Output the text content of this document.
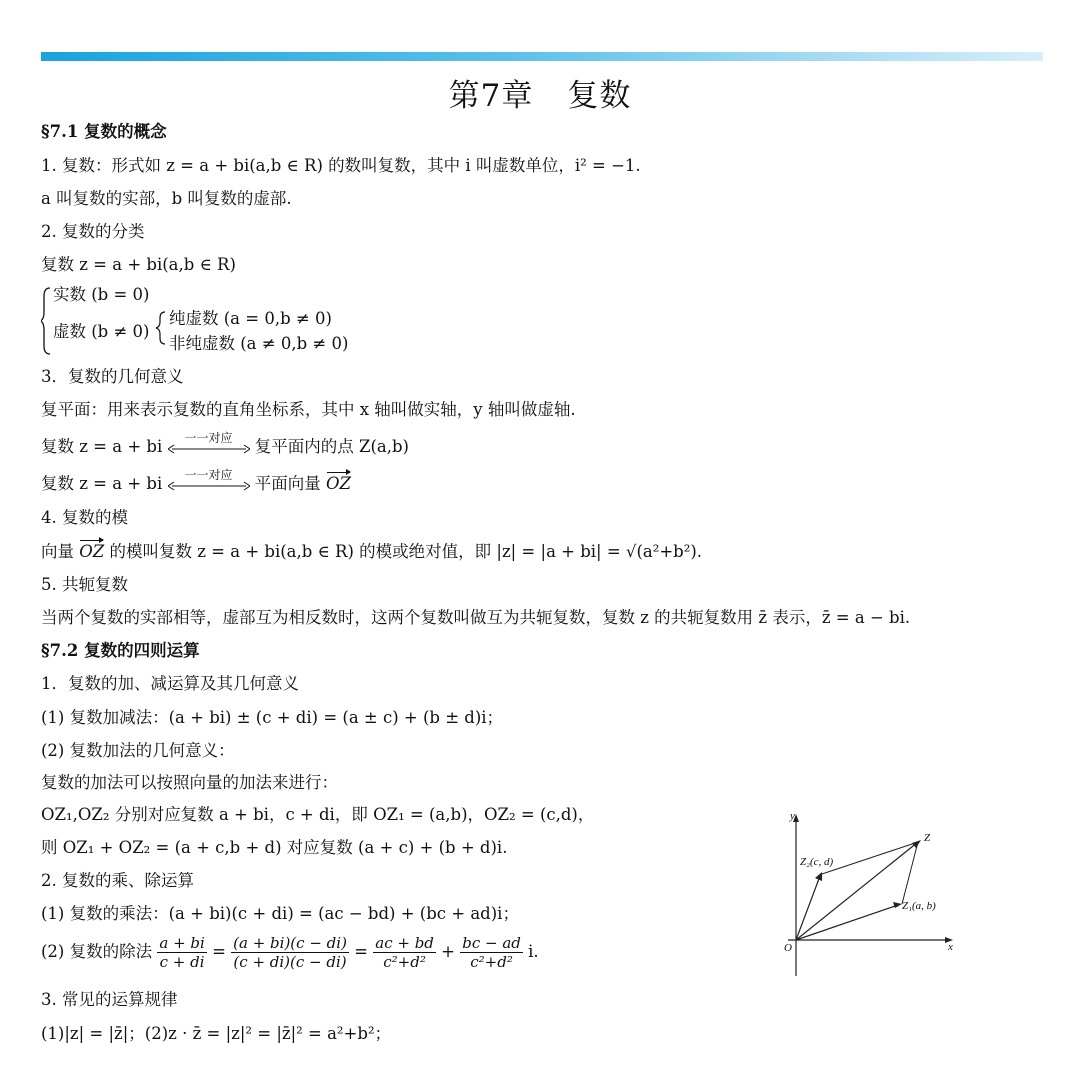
第7章 复数
§7.1 复数的概念
1. 复数：形式如 z = a + bi(a,b ∈ R) 的数叫复数，其中 i 叫虚数单位，i² = −1.
a 叫复数的实部，b 叫复数的虚部.
2. 复数的分类
复数 z = a + bi(a,b ∈ R)
实数 (b = 0)
虚数 (b ≠ 0)
纯虚数 (a = 0,b ≠ 0)
非纯虚数 (a ≠ 0,b ≠ 0)
3．复数的几何意义
复平面：用来表示复数的直角坐标系，其中 x 轴叫做实轴，y 轴叫做虚轴.
复数 z = a + bi	一一对应	复平面内的点 Z(a,b)
复数 z = a + bi	一一对应	平面向量 OZ
4. 复数的模
向量 OZ 的模叫复数 z = a + bi(a,b ∈ R) 的模或绝对值，即 |z| = |a + bi| = √(a²+b²).
5. 共轭复数
当两个复数的实部相等，虚部互为相反数时，这两个复数叫做互为共轭复数，复数 z 的共轭复数用 z̄ 表示，z̄ = a − bi.
§7.2 复数的四则运算
1．复数的加、减运算及其几何意义
(1) 复数加减法：(a + bi) ± (c + di) = (a ± c) + (b ± d)i；
(2) 复数加法的几何意义：
复数的加法可以按照向量的加法来进行：
OZ₁,OZ₂ 分别对应复数 a + bi，c + di，即 OZ₁ = (a,b)，OZ₂ = (c,d)，
则 OZ₁ + OZ₂ = (a + c,b + d) 对应复数 (a + c) + (b + d)i.
2. 复数的乘、除运算
(1) 复数的乘法：(a + bi)(c + di) = (ac − bd) + (bc + ad)i；
(2) 复数的除法 $\frac{a + bi}{c + di} = \frac{(a + bi)(c - di)}{(c + di)(c - di)} = \frac{ac + bd}{\text{c²+d²}} + \frac{bc - ad}{\text{c²+d²}} i$.
3. 常见的运算规律
(1)|z| = |z̄|；(2)z · z̄ = |z|² = |z̄|² = a²+b²；
y
x
O
Z
Z₂(c, d)
Z₁(a, b)
